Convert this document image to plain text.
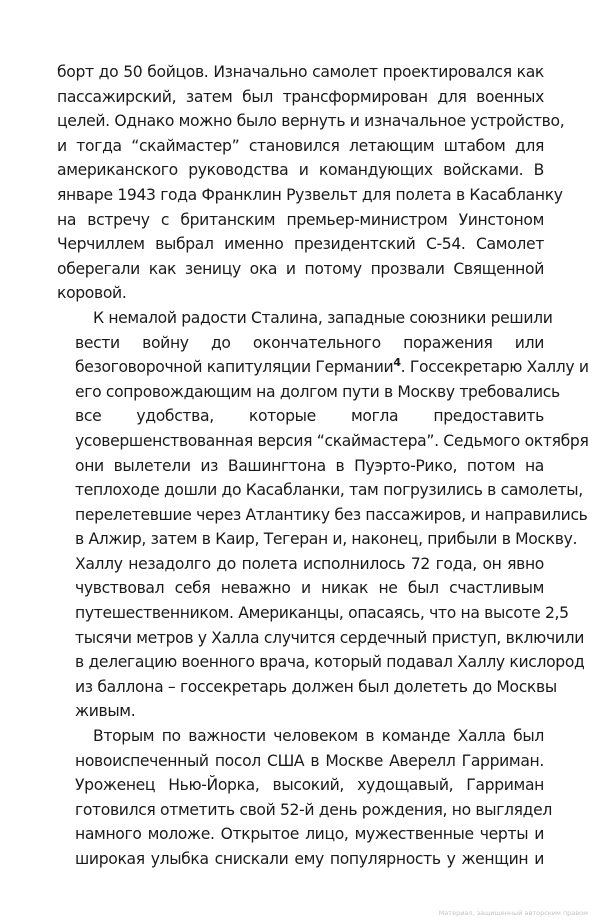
борт до 50 бойцов. Изначально самолет проектировался как
пассажирский, затем был трансформирован для военных
целей. Однако можно было вернуть и изначальное устройство,
и тогда “скаймастер” становился летающим штабом для
американского руководства и командующих войсками. В
январе 1943 года Франклин Рузвельт для полета в Касабланку
на встречу с британским премьер-министром Уинстоном
Черчиллем выбрал именно президентский С-54. Самолет
оберегали как зеницу ока и потому прозвали Священной
коровой.
К немалой радости Сталина, западные союзники решили
вести войну до окончательного поражения или
безоговорочной капитуляции Германии$^4$. Госсекретарю Халлу и
его сопровождающим на долгом пути в Москву требовались
все удобства, которые могла предоставить
усовершенствованная версия “скаймастера”. Седьмого октября
они вылетели из Вашингтона в Пуэрто-Рико, потом на
теплоходе дошли до Касабланки, там погрузились в самолеты,
перелетевшие через Атлантику без пассажиров, и направились
в Алжир, затем в Каир, Тегеран и, наконец, прибыли в Москву.
Халлу незадолго до полета исполнилось 72 года, он явно
чувствовал себя неважно и никак не был счастливым
путешественником. Американцы, опасаясь, что на высоте 2,5
тысячи метров у Халла случится сердечный приступ, включили
в делегацию военного врача, который подавал Халлу кислород
из баллона – госсекретарь должен был долететь до Москвы
живым.
Вторым по важности человеком в команде Халла был
новоиспеченный посол США в Москве Аверелл Гарриман.
Уроженец Нью-Йорка, высокий, худощавый, Гарриман
готовился отметить свой 52-й день рождения, но выглядел
намного моложе. Открытое лицо, мужественные черты и
широкая улыбка снискали ему популярность у женщин и
Материал, защищенный авторским правом
